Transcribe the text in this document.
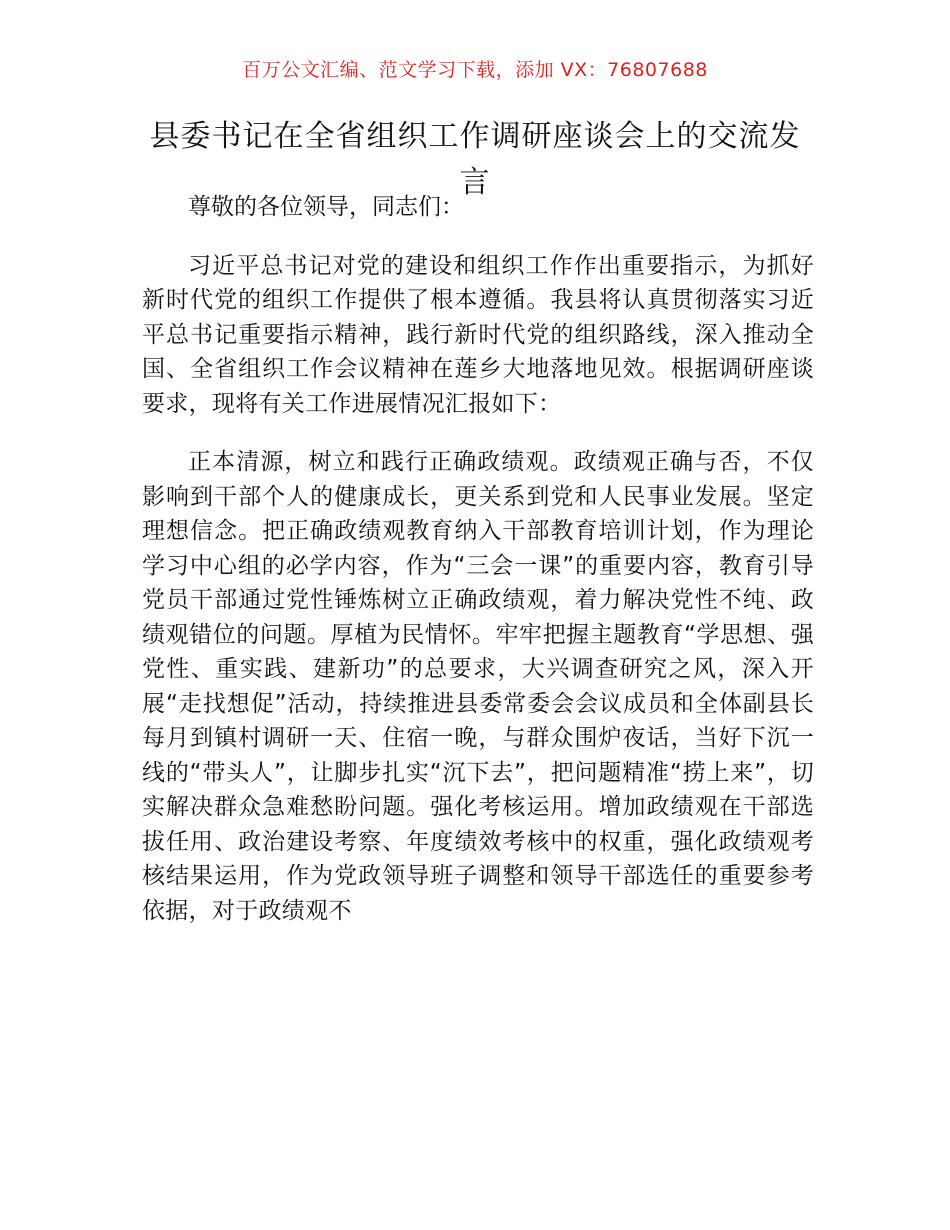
百万公文汇编、范文学习下载，添加 VX：76807688
县委书记在全省组织工作调研座谈会上的交流发言

尊敬的各位领导，同志们：

习近平总书记对党的建设和组织工作作出重要指示，为抓好新时代党的组织工作提供了根本遵循。我县将认真贯彻落实习近平总书记重要指示精神，践行新时代党的组织路线，深入推动全国、全省组织工作会议精神在莲乡大地落地见效。根据调研座谈要求，现将有关工作进展情况汇报如下：

正本清源，树立和践行正确政绩观。政绩观正确与否，不仅影响到干部个人的健康成长，更关系到党和人民事业发展。坚定理想信念。把正确政绩观教育纳入干部教育培训计划，作为理论学习中心组的必学内容，作为“三会一课”的重要内容，教育引导党员干部通过党性锤炼树立正确政绩观，着力解决党性不纯、政绩观错位的问题。厚植为民情怀。牢牢把握主题教育“学思想、强党性、重实践、建新功”的总要求，大兴调查研究之风，深入开展“走找想促”活动，持续推进县委常委会会议成员和全体副县长每月到镇村调研一天、住宿一晚，与群众围炉夜话，当好下沉一线的“带头人”，让脚步扎实“沉下去”，把问题精准“捞上来”，切实解决群众急难愁盼问题。强化考核运用。增加政绩观在干部选拔任用、政治建设考察、年度绩效考核中的权重，强化政绩观考核结果运用，作为党政领导班子调整和领导干部选任的重要参考依据，对于政绩观不
